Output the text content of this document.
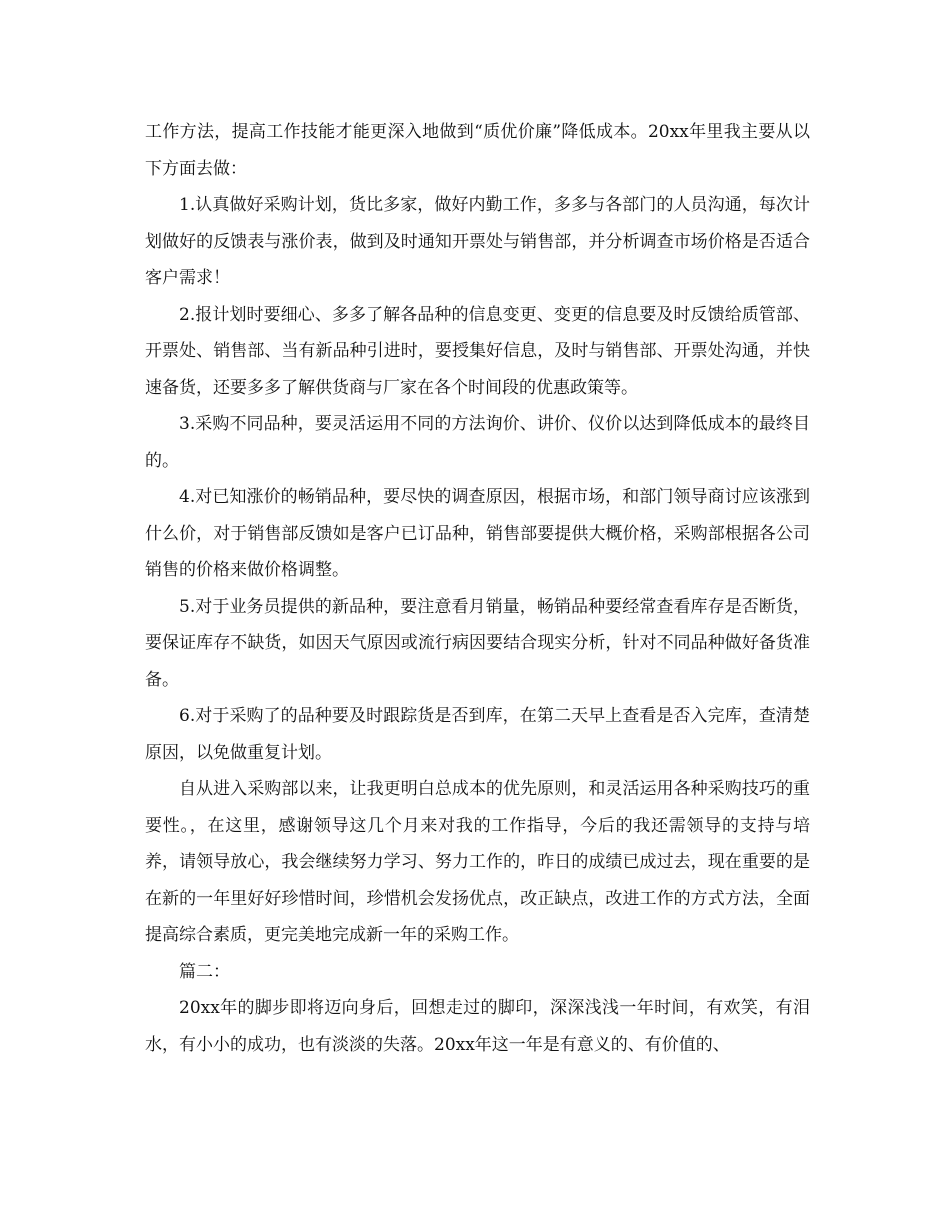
工作方法，提高工作技能才能更深入地做到“质优价廉”降低成本。20xx年里我主要从以下方面去做：

1.认真做好采购计划，货比多家，做好内勤工作，多多与各部门的人员沟通，每次计划做好的反馈表与涨价表，做到及时通知开票处与销售部，并分析调查市场价格是否适合客户需求！

2.报计划时要细心、多多了解各品种的信息变更、变更的信息要及时反馈给质管部、开票处、销售部、当有新品种引进时，要授集好信息，及时与销售部、开票处沟通，并快速备货，还要多多了解供货商与厂家在各个时间段的优惠政策等。

3.采购不同品种，要灵活运用不同的方法询价、讲价、仪价以达到降低成本的最终目的。

4.对已知涨价的畅销品种，要尽快的调查原因，根据市场，和部门领导商讨应该涨到什么价，对于销售部反馈如是客户已订品种，销售部要提供大概价格，采购部根据各公司销售的价格来做价格调整。

5.对于业务员提供的新品种，要注意看月销量，畅销品种要经常查看库存是否断货，要保证库存不缺货，如因天气原因或流行病因要结合现实分析，针对不同品种做好备货准备。

6.对于采购了的品种要及时跟踪货是否到库，在第二天早上查看是否入完库，查清楚原因，以免做重复计划。

自从进入采购部以来，让我更明白总成本的优先原则，和灵活运用各种采购技巧的重要性。，在这里，感谢领导这几个月来对我的工作指导，今后的我还需领导的支持与培养，请领导放心，我会继续努力学习、努力工作的，昨日的成绩已成过去，现在重要的是在新的一年里好好珍惜时间，珍惜机会发扬优点，改正缺点，改进工作的方式方法，全面提高综合素质，更完美地完成新一年的采购工作。

篇二：

20xx年的脚步即将迈向身后，回想走过的脚印，深深浅浅一年时间，有欢笑，有泪水，有小小的成功，也有淡淡的失落。20xx年这一年是有意义的、有价值的、
